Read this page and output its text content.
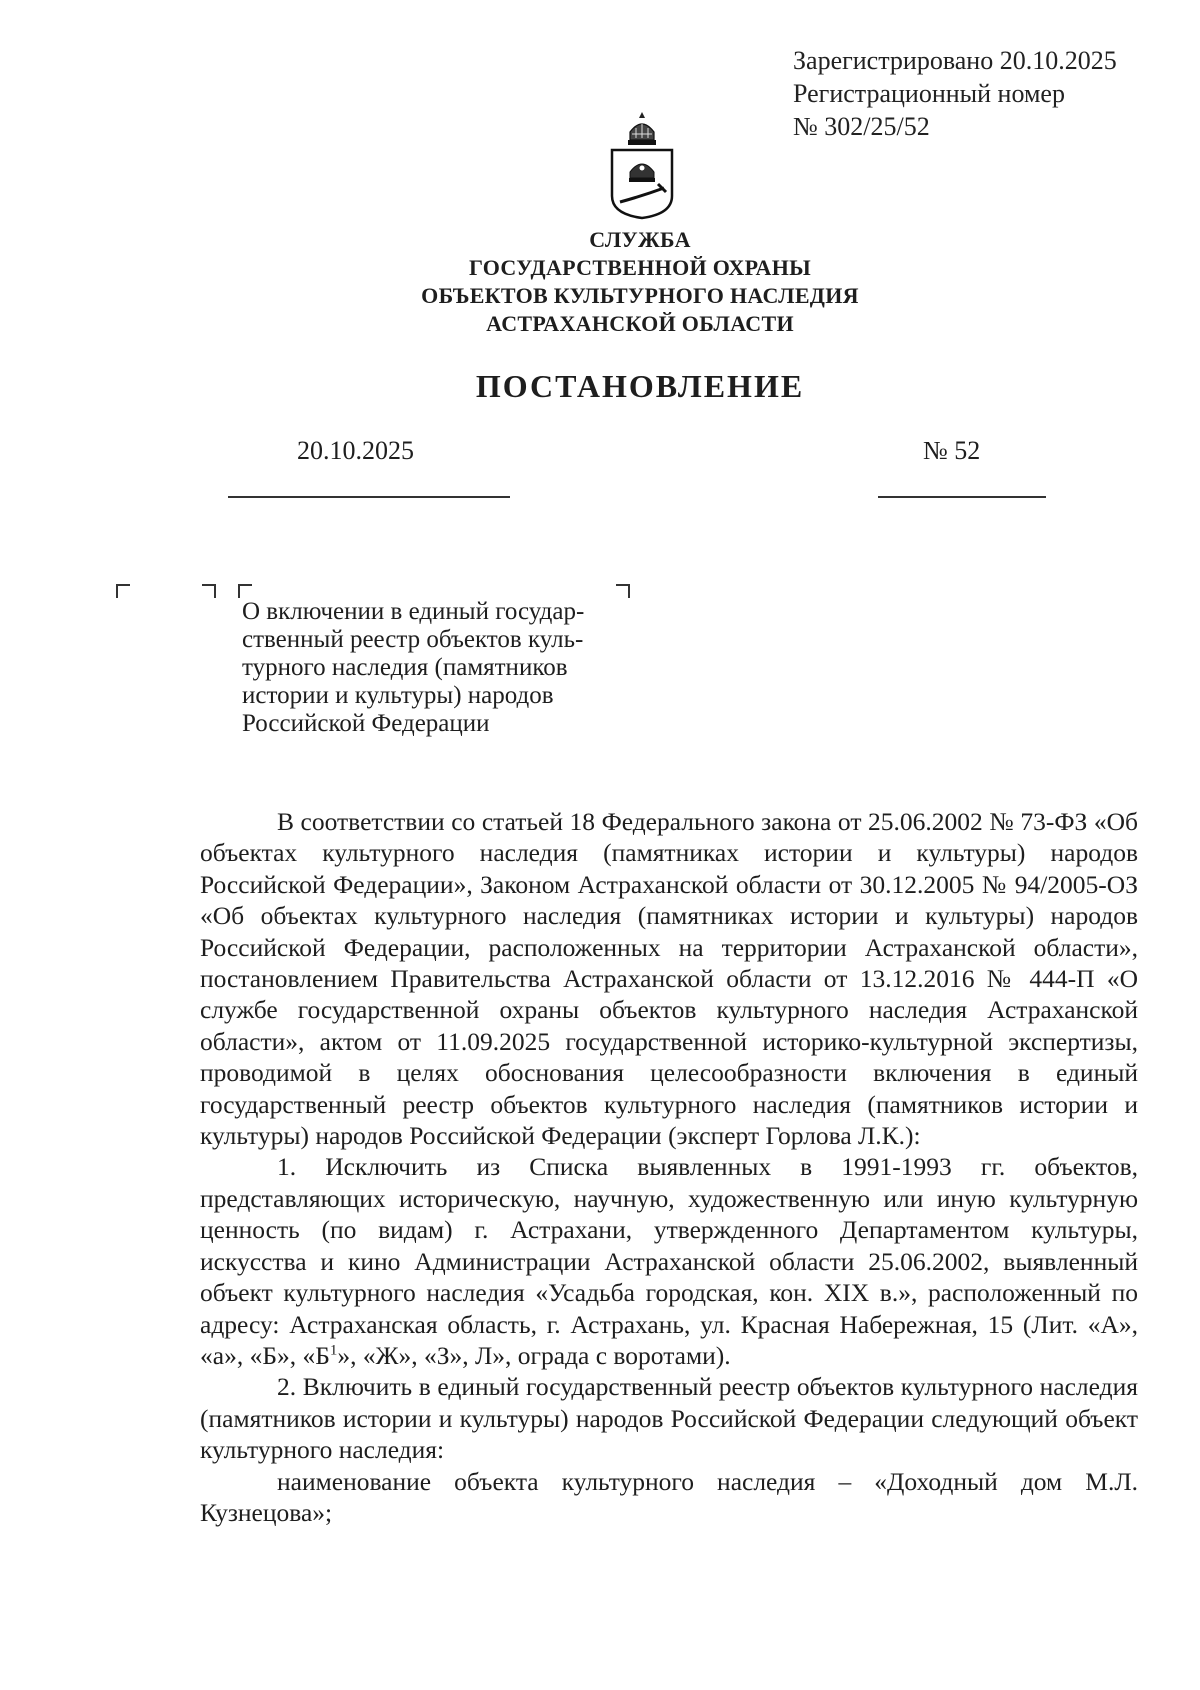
Зарегистрировано 20.10.2025
Регистрационный номер
№ 302/25/52
СЛУЖБА
ГОСУДАРСТВЕННОЙ ОХРАНЫ
ОБЪЕКТОВ КУЛЬТУРНОГО НАСЛЕДИЯ
АСТРАХАНСКОЙ ОБЛАСТИ
ПОСТАНОВЛЕНИЕ
20.10.2025	№ 52
О включении в единый государ-
ственный реестр объектов куль-
турного наследия (памятников
истории и культуры) народов
Российской Федерации

В соответствии со статьей 18 Федерального закона от 25.06.2002 № 73-ФЗ «Об объектах культурного наследия (памятниках истории и культуры) народов Российской Федерации», Законом Астраханской области от 30.12.2005 № 94/2005-ОЗ «Об объектах культурного наследия (памятниках истории и культуры) народов Российской Федерации, расположенных на территории Астраханской области», постановлением Правительства Астраханской области от 13.12.2016 № 444-П «О службе государственной охраны объектов культурного наследия Астраханской области», актом от 11.09.2025 государственной историко-культурной экспертизы, проводимой в целях обоснования целесообразности включения в единый государственный реестр объектов культурного наследия (памятников истории и культуры) народов Российской Федерации (эксперт Горлова Л.К.):

1. Исключить из Списка выявленных в 1991-1993 гг. объектов, представляющих историческую, научную, художественную или иную культурную ценность (по видам) г. Астрахани, утвержденного Департаментом культуры, искусства и кино Администрации Астраханской области 25.06.2002, выявленный объект культурного наследия «Усадьба городская, кон. XIX в.», расположенный по адресу: Астраханская область, г. Астрахань, ул. Красная Набережная, 15 (Лит. «А», «а», «Б», «$Б^1$», «Ж», «З», Л», ограда с воротами).

2. Включить в единый государственный реестр объектов культурного наследия (памятников истории и культуры) народов Российской Федерации следующий объект культурного наследия:

наименование объекта культурного наследия – «Доходный дом М.Л. Кузнецова»;
